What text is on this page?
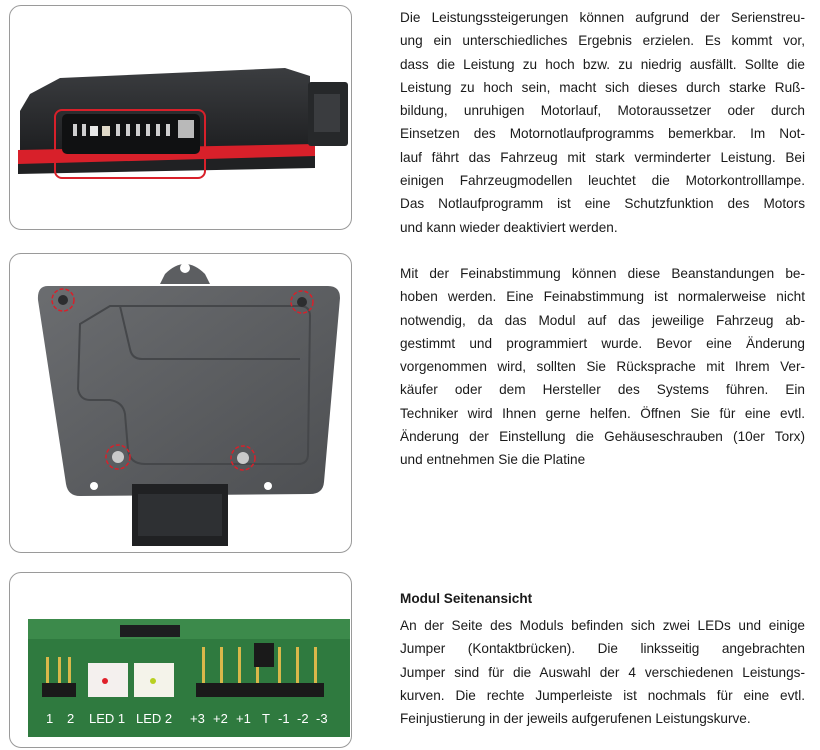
1 2 LED 1 LED 2 +3 +2 +1 T -1 -2 -3

Die Leistungssteigerungen können aufgrund der Serienstreu-
ung ein unterschiedliches Ergebnis erzielen. Es kommt vor,
dass die Leistung zu hoch bzw. zu niedrig ausfällt. Sollte die
Leistung zu hoch sein, macht sich dieses durch starke Ruß-
bildung, unruhigen Motorlauf, Motoraussetzer oder durch
Einsetzen des Motornotlaufprogramms bemerkbar. Im Not-
lauf fährt das Fahrzeug mit stark verminderter Leistung. Bei
einigen Fahrzeugmodellen leuchtet die Motorkontrolllampe.
Das Notlaufprogramm ist eine Schutzfunktion des Motors
und kann wieder deaktiviert werden.

Mit der Feinabstimmung können diese Beanstandungen be-
hoben werden. Eine Feinabstimmung ist normalerweise nicht
notwendig, da das Modul auf das jeweilige Fahrzeug ab-
gestimmt und programmiert wurde. Bevor eine Änderung
vorgenommen wird, sollten Sie Rücksprache mit Ihrem Ver-
käufer oder dem Hersteller des Systems führen. Ein
Techniker wird Ihnen gerne helfen. Öffnen Sie für eine evtl.
Änderung der Einstellung die Gehäuseschrauben (10er Torx)
und entnehmen Sie die Platine

Modul Seitenansicht

An der Seite des Moduls befinden sich zwei LEDs und einige
Jumper (Kontaktbrücken). Die linksseitig angebrachten
Jumper sind für die Auswahl der 4 verschiedenen Leistungs-
kurven. Die rechte Jumperleiste ist nochmals für eine evtl.
Feinjustierung in der jeweils aufgerufenen Leistungskurve.
